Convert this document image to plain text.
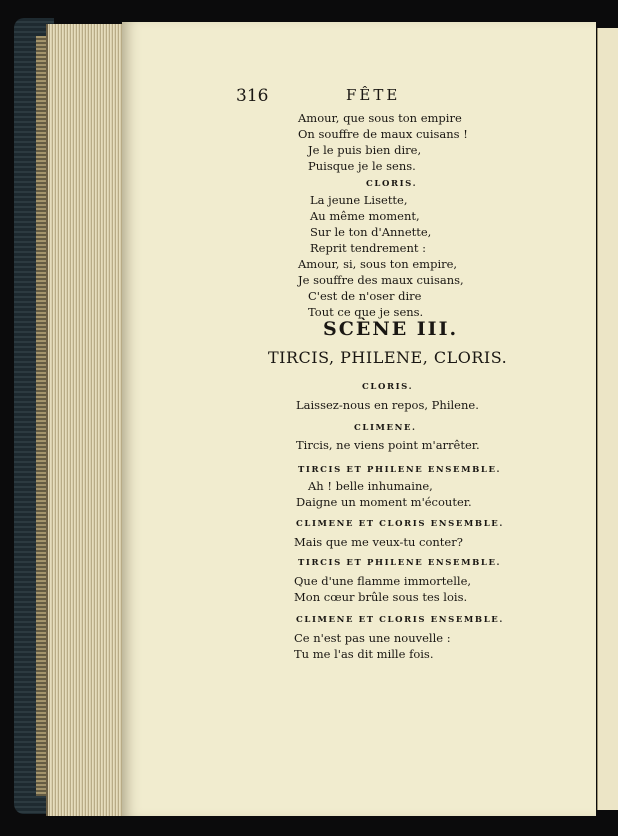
316	FÊTE
Amour, que sous ton empire
On souffre de maux cuisans !
Je le puis bien dire,
Puisque je le sens.
CLORIS.
La jeune Lisette,
Au même moment,
Sur le ton d'Annette,
Reprit tendrement :
Amour, si, sous ton empire,
Je souffre des maux cuisans,
C'est de n'oser dire
Tout ce que je sens.
SCÈNE III.
TIRCIS, PHILENE, CLORIS.
CLORIS.
Laissez-nous en repos, Philene.
CLIMENE.
Tircis, ne viens point m'arrêter.
TIRCIS ET PHILENE ENSEMBLE.
Ah ! belle inhumaine,
Daigne un moment m'écouter.
CLIMENE ET CLORIS ENSEMBLE.
Mais que me veux-tu conter?
TIRCIS ET PHILENE ENSEMBLE.
Que d'une flamme immortelle,
Mon cœur brûle sous tes lois.
CLIMENE ET CLORIS ENSEMBLE.
Ce n'est pas une nouvelle :
Tu me l'as dit mille fois.
